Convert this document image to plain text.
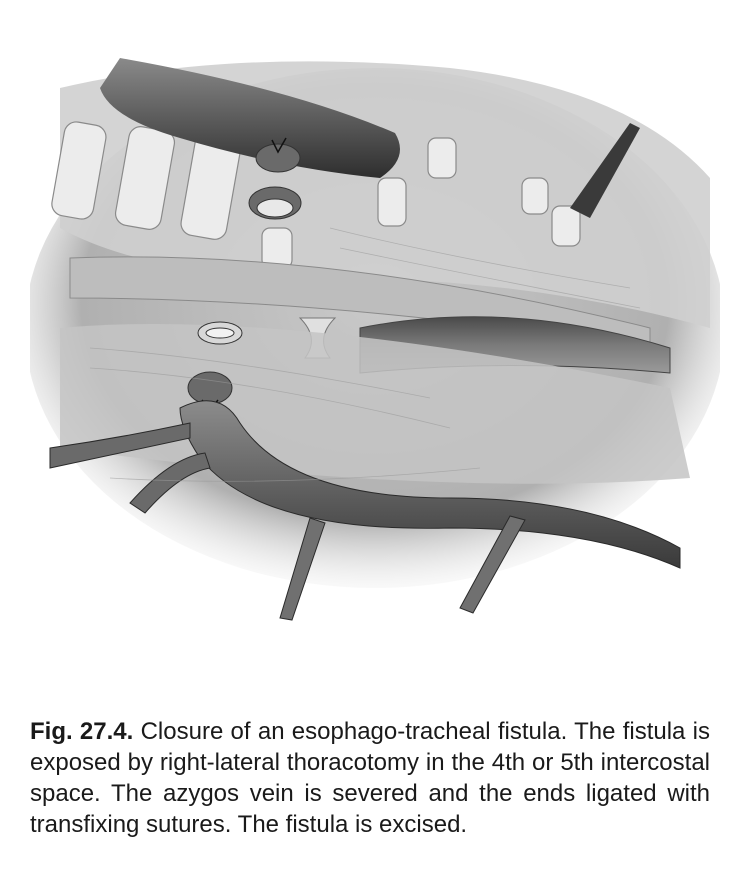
Fig. 27.4. Closure of an esophago-tracheal fistula. The fistula is exposed by right-lateral thoracotomy in the 4th or 5th intercostal space. The azygos vein is severed and the ends ligated with transfixing sutures. The fistula is excised.
